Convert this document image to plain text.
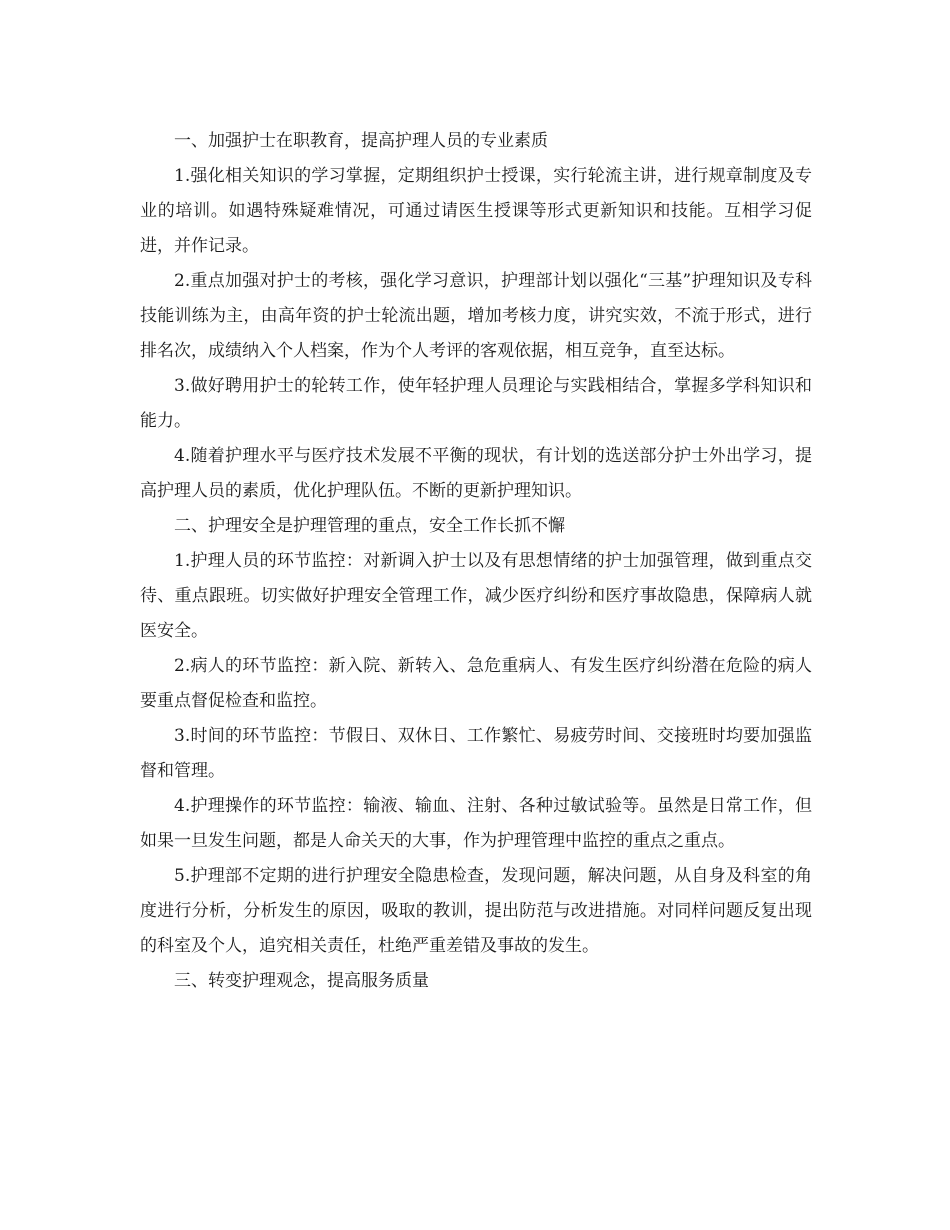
一、加强护士在职教育，提高护理人员的专业素质

1.强化相关知识的学习掌握，定期组织护士授课，实行轮流主讲，进行规章制度及专业的培训。如遇特殊疑难情况，可通过请医生授课等形式更新知识和技能。互相学习促进，并作记录。

2.重点加强对护士的考核，强化学习意识，护理部计划以强化“三基”护理知识及专科技能训练为主，由高年资的护士轮流出题，增加考核力度，讲究实效，不流于形式，进行排名次，成绩纳入个人档案，作为个人考评的客观依据，相互竞争，直至达标。

3.做好聘用护士的轮转工作，使年轻护理人员理论与实践相结合，掌握多学科知识和能力。

4.随着护理水平与医疗技术发展不平衡的现状，有计划的选送部分护士外出学习，提高护理人员的素质，优化护理队伍。不断的更新护理知识。

二、护理安全是护理管理的重点，安全工作长抓不懈

1.护理人员的环节监控：对新调入护士以及有思想情绪的护士加强管理，做到重点交待、重点跟班。切实做好护理安全管理工作，减少医疗纠纷和医疗事故隐患，保障病人就医安全。

2.病人的环节监控：新入院、新转入、急危重病人、有发生医疗纠纷潜在危险的病人要重点督促检查和监控。

3.时间的环节监控：节假日、双休日、工作繁忙、易疲劳时间、交接班时均要加强监督和管理。

4.护理操作的环节监控：输液、输血、注射、各种过敏试验等。虽然是日常工作，但如果一旦发生问题，都是人命关天的大事，作为护理管理中监控的重点之重点。

5.护理部不定期的进行护理安全隐患检查，发现问题，解决问题，从自身及科室的角度进行分析，分析发生的原因，吸取的教训，提出防范与改进措施。对同样问题反复出现的科室及个人，追究相关责任，杜绝严重差错及事故的发生。

三、转变护理观念，提高服务质量
